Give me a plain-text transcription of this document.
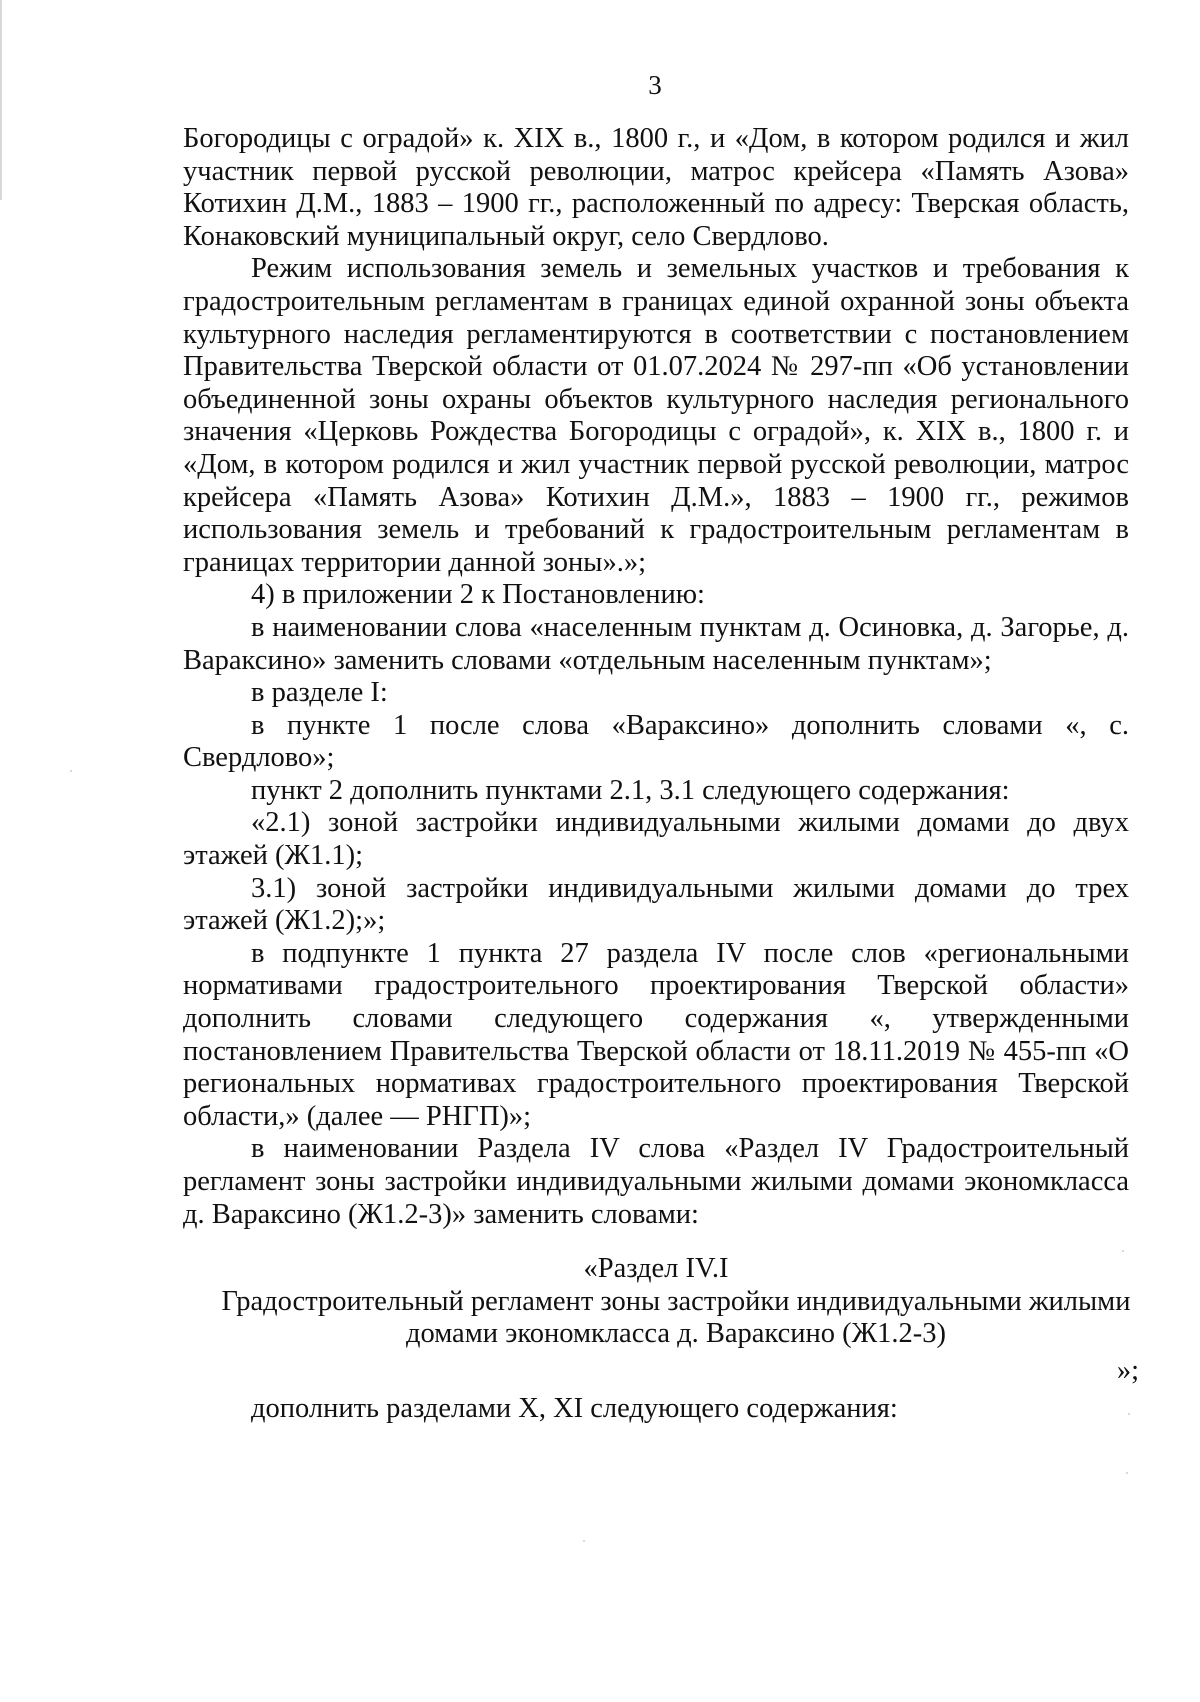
3

Богородицы с оградой» к. XIX в., 1800 г., и «Дом, в котором родился и жил участник первой русской революции, матрос крейсера «Память Азова» Котихин Д.М., 1883 – 1900 гг., расположенный по адресу: Тверская область, Конаковский муниципальный округ, село Свердлово.

Режим использования земель и земельных участков и требования к градостроительным регламентам в границах единой охранной зоны объекта культурного наследия регламентируются в соответствии с постановлением Правительства Тверской области от 01.07.2024 № 297-пп «Об установлении объединенной зоны охраны объектов культурного наследия регионального значения «Церковь Рождества Богородицы с оградой», к. XIX в., 1800 г. и «Дом, в котором родился и жил участник первой русской революции, матрос крейсера «Память Азова» Котихин Д.М.», 1883 – 1900 гг., режимов использования земель и требований к градостроительным регламентам в границах территории данной зоны».»;

4) в приложении 2 к Постановлению:

в наименовании слова «населенным пунктам д. Осиновка, д. Загорье, д. Вараксино» заменить словами «отдельным населенным пунктам»;

в разделе I:

в пункте 1 после слова «Вараксино» дополнить словами «, с. Свердлово»;

пункт 2 дополнить пунктами 2.1, 3.1 следующего содержания:

«2.1) зоной застройки индивидуальными жилыми домами до двух этажей (Ж1.1);

3.1) зоной застройки индивидуальными жилыми домами до трех этажей (Ж1.2);»;

в подпункте 1 пункта 27 раздела IV после слов «региональными нормативами градостроительного проектирования Тверской области» дополнить словами следующего содержания «, утвержденными постановлением Правительства Тверской области от 18.11.2019 № 455-пп «О региональных нормативах градостроительного проектирования Тверской области,» (далее — РНГП)»;

в наименовании Раздела IV слова «Раздел IV Градостроительный регламент зоны застройки индивидуальными жилыми домами экономкласса д. Вараксино (Ж1.2-3)» заменить словами:

«Раздел IV.I

Градостроительный регламент зоны застройки индивидуальными жилыми домами экономкласса д. Вараксино (Ж1.2-3)

»;

дополнить разделами X, XI следующего содержания:
